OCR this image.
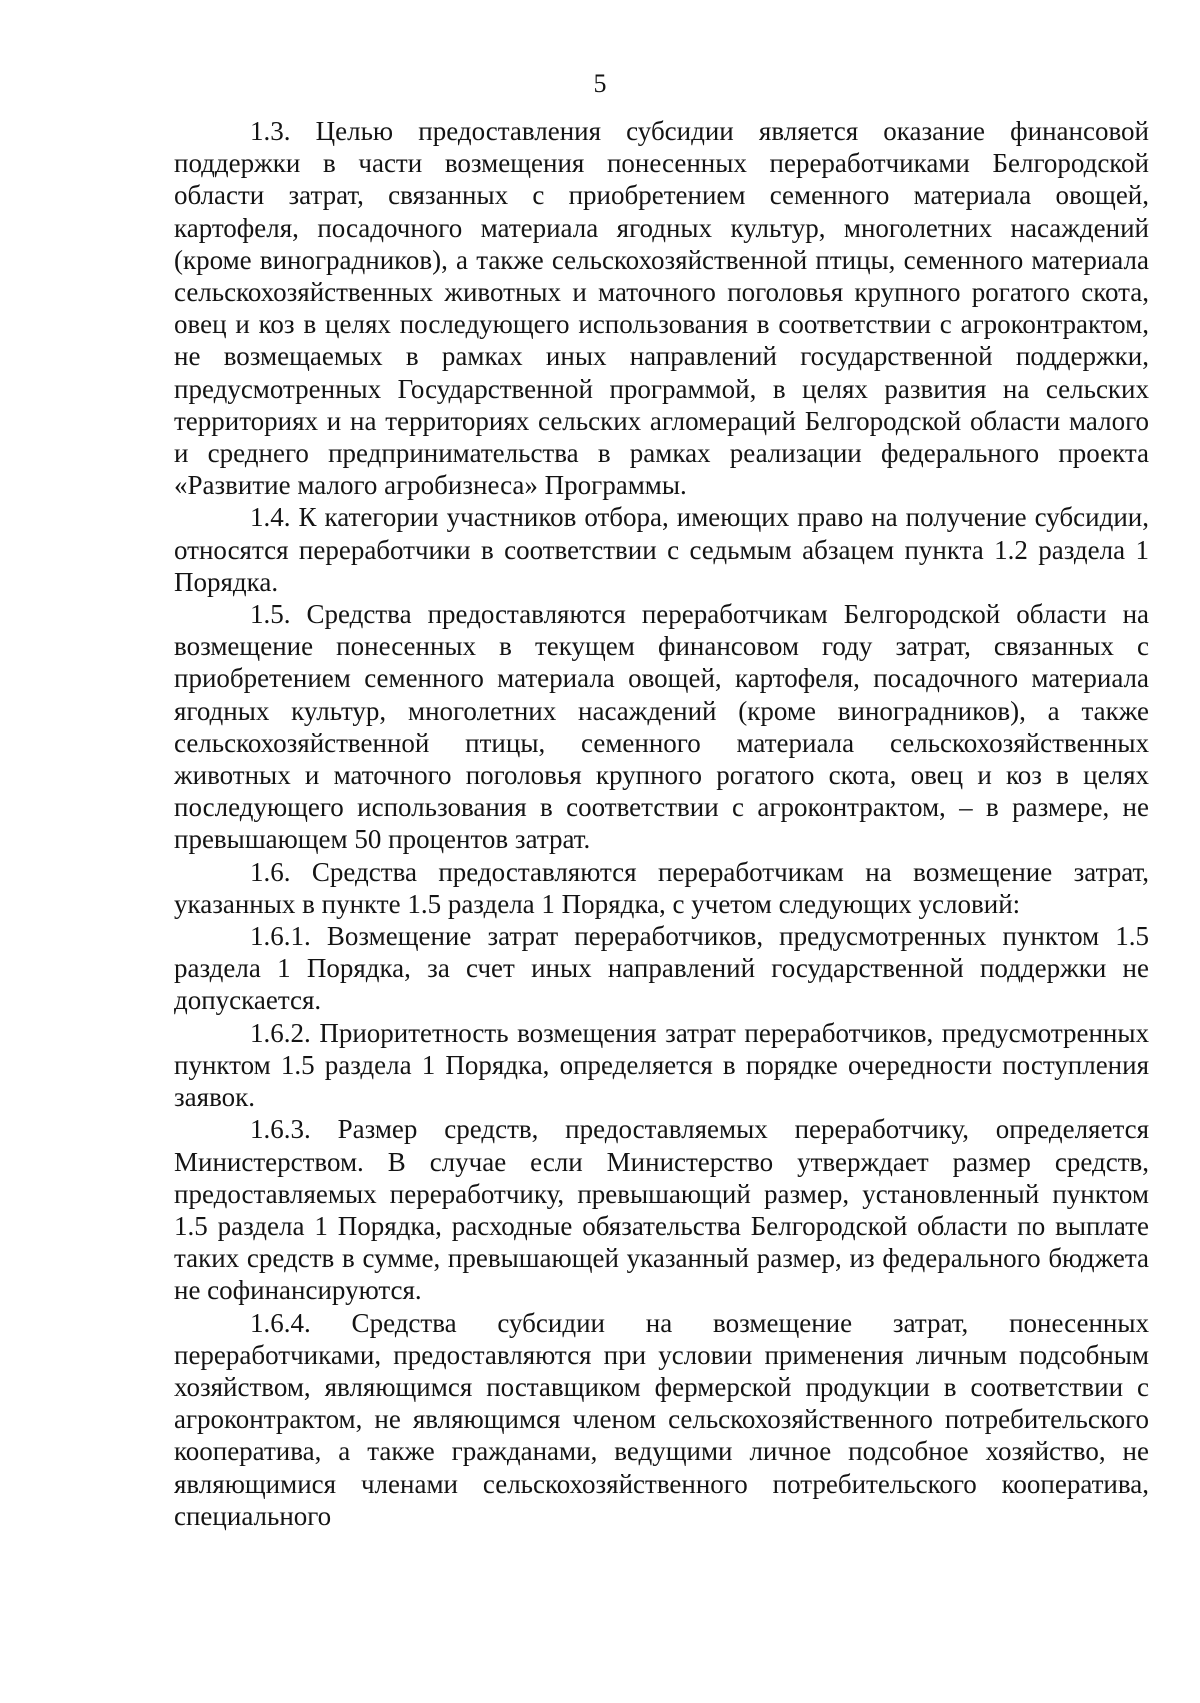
5

1.3. Целью предоставления субсидии является оказание финансовой поддержки в части возмещения понесенных переработчиками Белгородской области затрат, связанных с приобретением семенного материала овощей, картофеля, посадочного материала ягодных культур, многолетних насаждений (кроме виноградников), а также сельскохозяйственной птицы, семенного материала сельскохозяйственных животных и маточного поголовья крупного рогатого скота, овец и коз в целях последующего использования в соответствии с агроконтрактом, не возмещаемых в рамках иных направлений государственной поддержки, предусмотренных Государственной программой, в целях развития на сельских территориях и на территориях сельских агломераций Белгородской области малого и среднего предпринимательства в рамках реализации федерального проекта «Развитие малого агробизнеса» Программы.

1.4. К категории участников отбора, имеющих право на получение субсидии, относятся переработчики в соответствии с седьмым абзацем пункта 1.2 раздела 1 Порядка.

1.5. Средства предоставляются переработчикам Белгородской области на возмещение понесенных в текущем финансовом году затрат, связанных с приобретением семенного материала овощей, картофеля, посадочного материала ягодных культур, многолетних насаждений (кроме виноградников), а также сельскохозяйственной птицы, семенного материала сельскохозяйственных животных и маточного поголовья крупного рогатого скота, овец и коз в целях последующего использования в соответствии с агроконтрактом, – в размере, не превышающем 50 процентов затрат.

1.6. Средства предоставляются переработчикам на возмещение затрат, указанных в пункте 1.5 раздела 1 Порядка, с учетом следующих условий:

1.6.1. Возмещение затрат переработчиков, предусмотренных пунктом 1.5 раздела 1 Порядка, за счет иных направлений государственной поддержки не допускается.

1.6.2. Приоритетность возмещения затрат переработчиков, предусмотренных пунктом 1.5 раздела 1 Порядка, определяется в порядке очередности поступления заявок.

1.6.3. Размер средств, предоставляемых переработчику, определяется Министерством. В случае если Министерство утверждает размер средств, предоставляемых переработчику, превышающий размер, установленный пунктом 1.5 раздела 1 Порядка, расходные обязательства Белгородской области по выплате таких средств в сумме, превышающей указанный размер, из федерального бюджета не софинансируются.

1.6.4. Средства субсидии на возмещение затрат, понесенных переработчиками, предоставляются при условии применения личным подсобным хозяйством, являющимся поставщиком фермерской продукции в соответствии с агроконтрактом, не являющимся членом сельскохозяйственного потребительского кооператива, а также гражданами, ведущими личное подсобное хозяйство, не являющимися членами сельскохозяйственного потребительского кооператива, специального
